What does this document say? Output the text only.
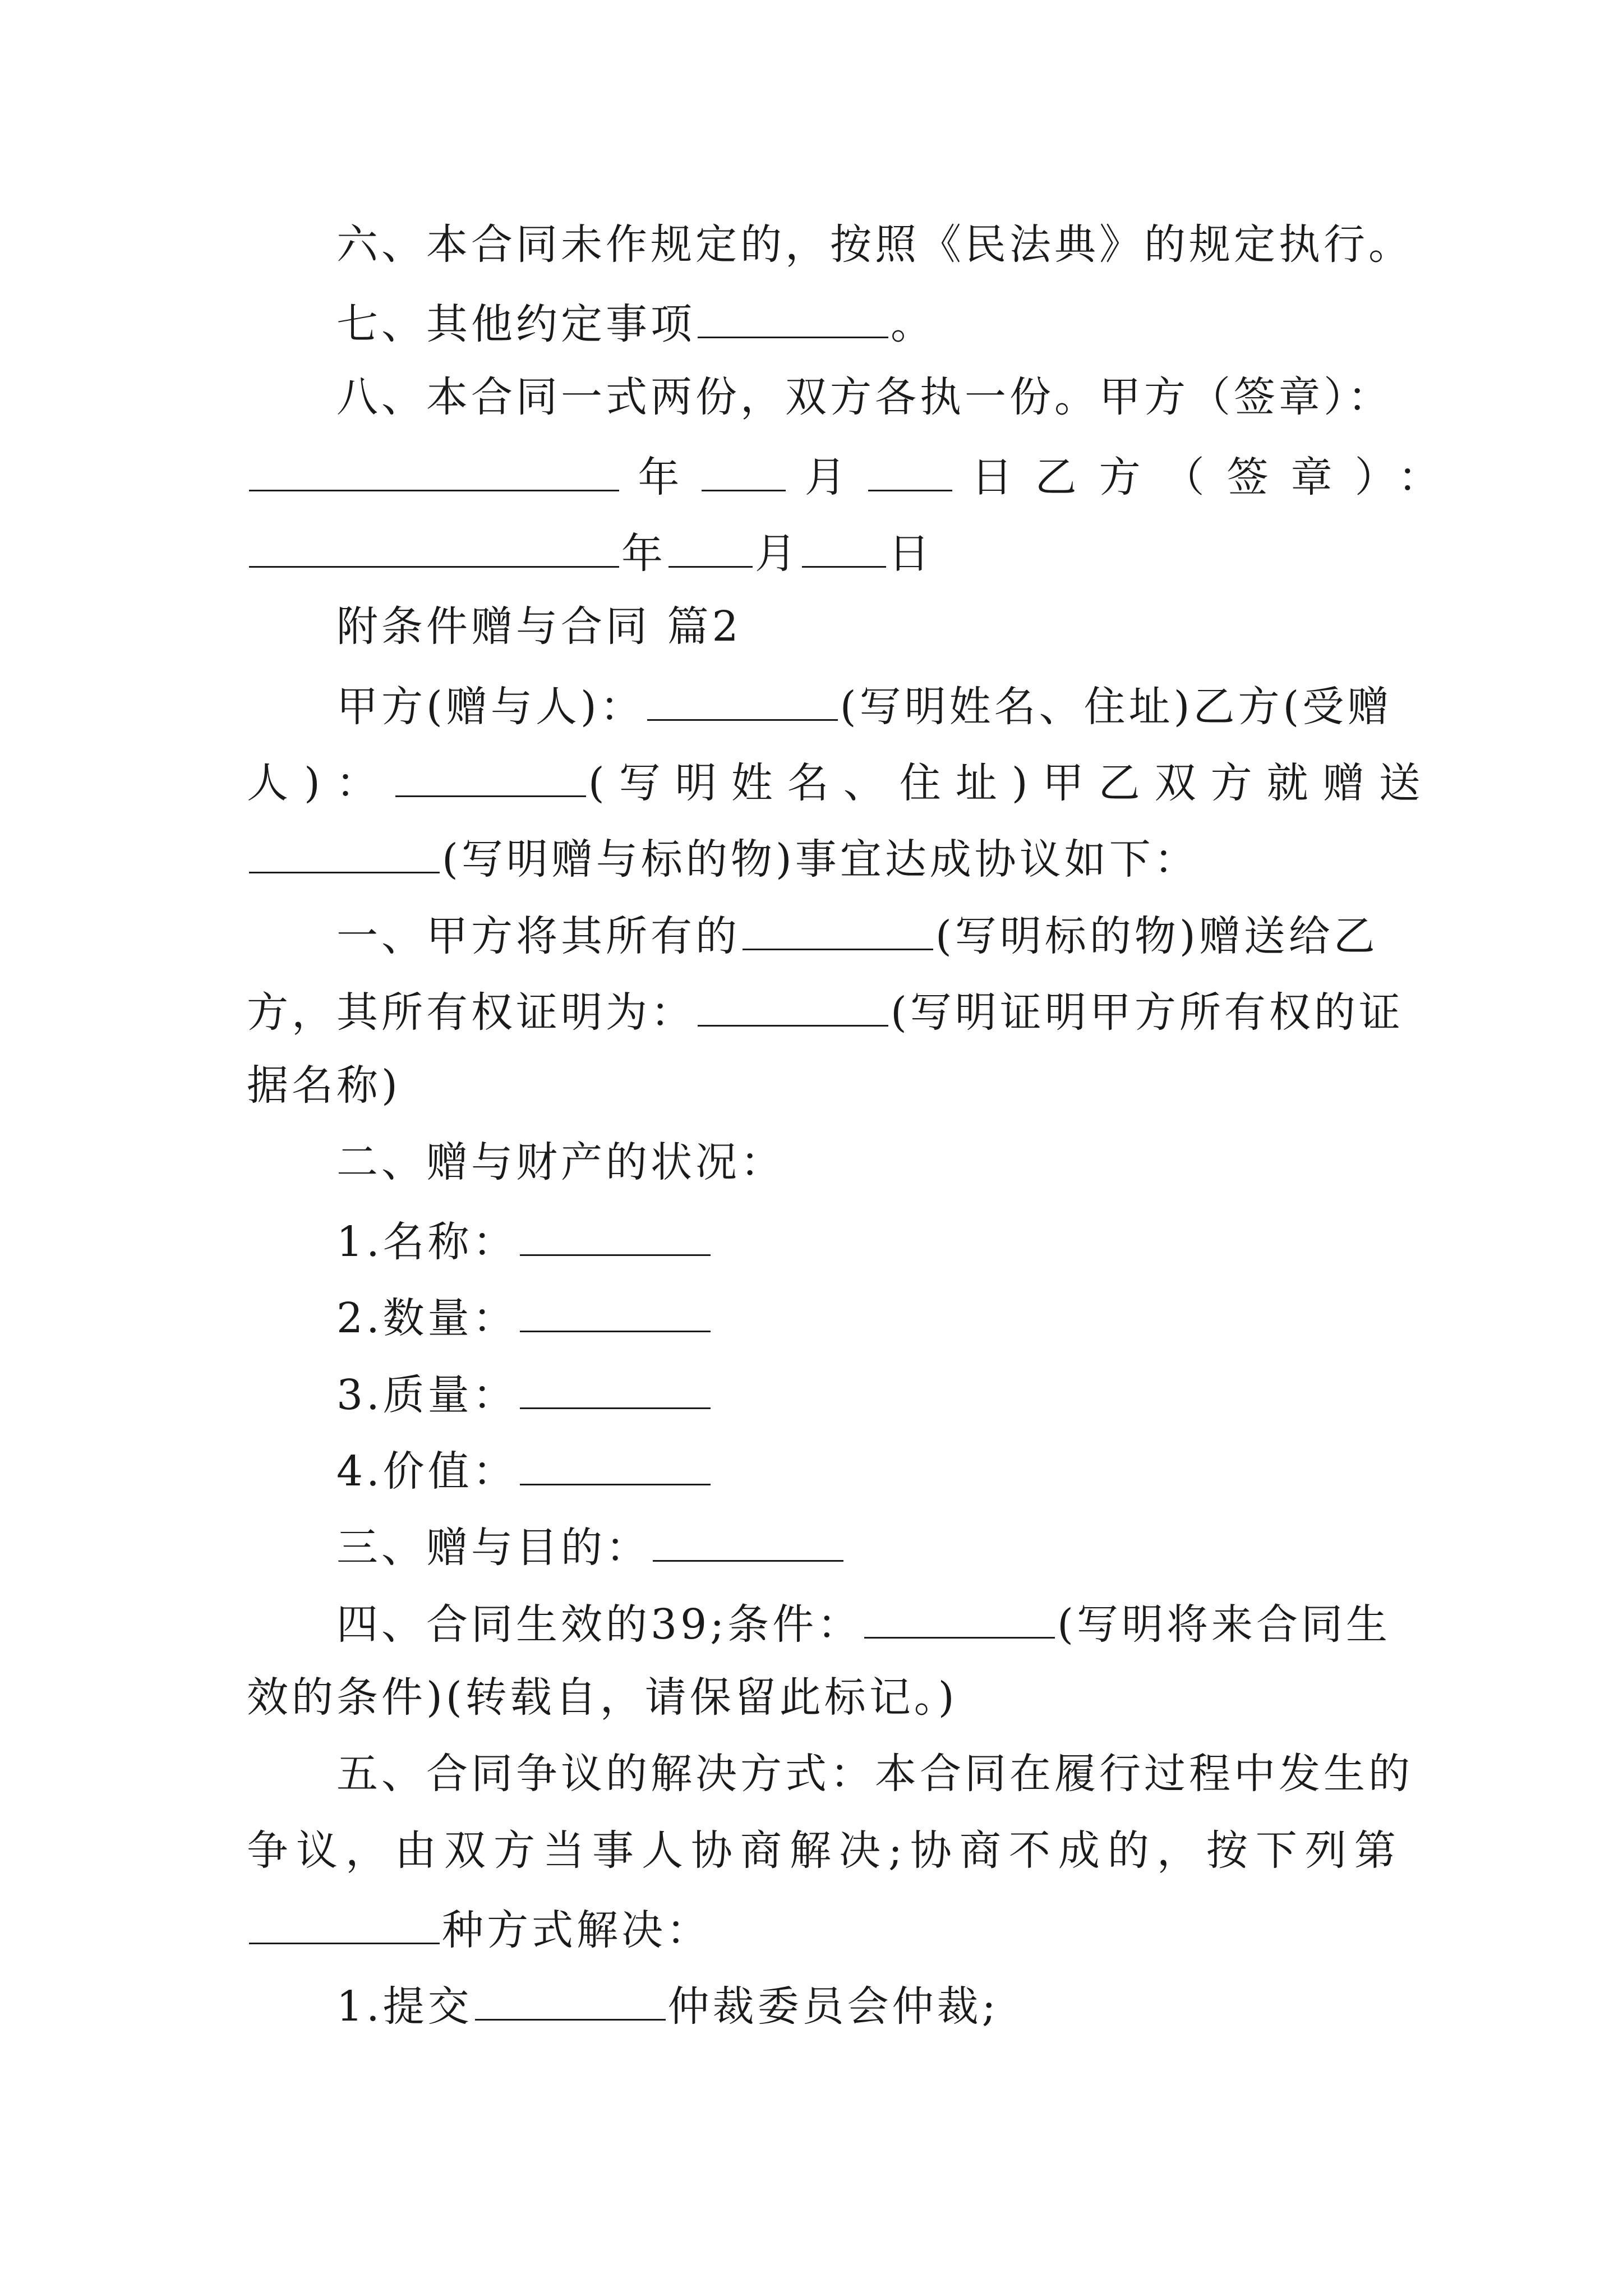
六、本合同未作规定的，按照《民法典》的规定执行。
七、其他约定事项	。
八、本合同一式两份，双方各执一份。甲方（签章）：
年	月	日乙方（签章）：
年 月 日
附条件赠与合同 篇2
甲方(赠与人)：	(写明姓名、住址)乙方(受赠
人)：	(写明姓名、住址)甲乙双方就赠送
(写明赠与标的物)事宜达成协议如下：
一、甲方将其所有的	(写明标的物)赠送给乙
方，其所有权证明为：	(写明证明甲方所有权的证
据名称)
二、赠与财产的状况：
1.名称：
2.数量：
3.质量：
4.价值：
三、赠与目的：
四、合同生效的39;条件：	(写明将来合同生
效的条件)(转载自，请保留此标记。)
五、合同争议的解决方式：本合同在履行过程中发生的
争议，由双方当事人协商解决;协商不成的，按下列第
种方式解决：
1.提交	仲裁委员会仲裁;
